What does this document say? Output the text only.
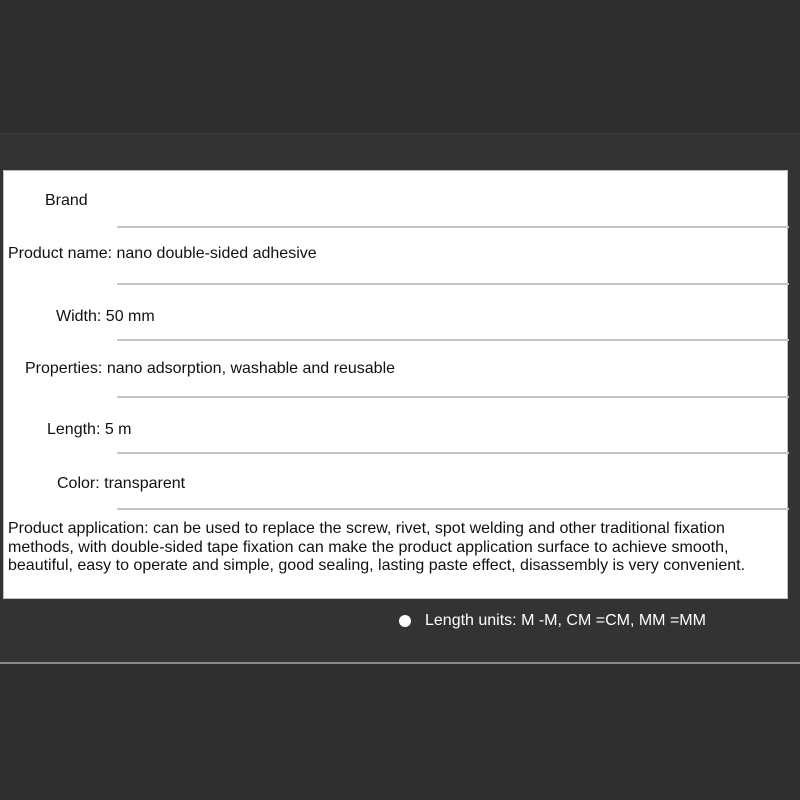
Brand
Product name: nano double-sided adhesive
Width: 50 mm
Properties: nano adsorption, washable and reusable
Length: 5 m
Color: transparent
Product application: can be used to replace the screw, rivet, spot welding and other traditional fixation methods, with double-sided tape fixation can make the product application surface to achieve smooth, beautiful, easy to operate and simple, good sealing, lasting paste effect, disassembly is very convenient.
Length units: M -M, CM =CM, MM =MM
